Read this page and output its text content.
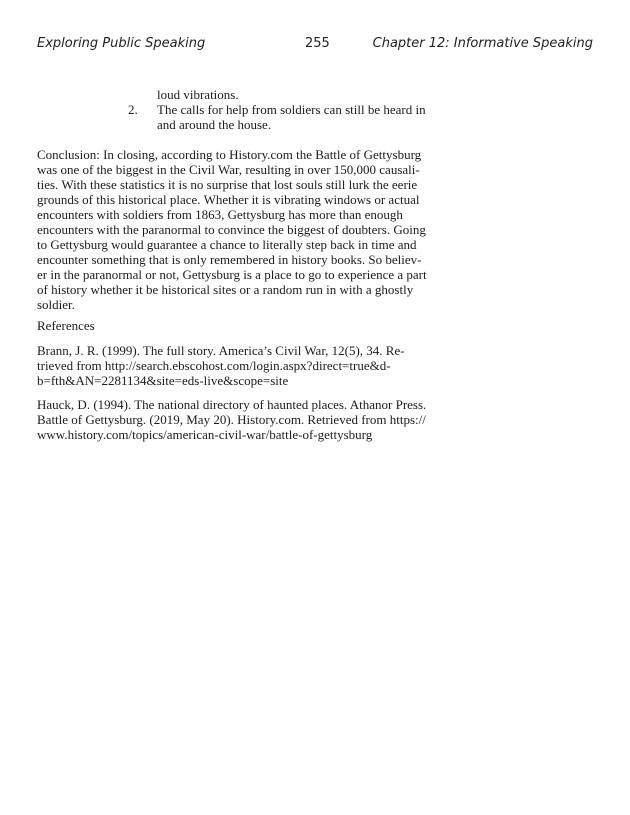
Exploring Public Speaking	255	Chapter 12: Informative Speaking
loud vibrations.
2.	The calls for help from soldiers can still be heard in
and around the house.
Conclusion: In closing, according to History.com the Battle of Gettysburg
was one of the biggest in the Civil War, resulting in over 150,000 causali-
ties. With these statistics it is no surprise that lost souls still lurk the eerie
grounds of this historical place. Whether it is vibrating windows or actual
encounters with soldiers from 1863, Gettysburg has more than enough
encounters with the paranormal to convince the biggest of doubters. Going
to Gettysburg would guarantee a chance to literally step back in time and
encounter something that is only remembered in history books. So believ-
er in the paranormal or not, Gettysburg is a place to go to experience a part
of history whether it be historical sites or a random run in with a ghostly
soldier.
References
Brann, J. R. (1999). The full story. America’s Civil War, 12(5), 34. Re-
trieved from http://search.ebscohost.com/login.aspx?direct=true&d-
b=fth&AN=2281134&site=eds-live&scope=site
Hauck, D. (1994). The national directory of haunted places. Athanor Press.
Battle of Gettysburg. (2019, May 20). History.com. Retrieved from https://
www.history.com/topics/american-civil-war/battle-of-gettysburg
